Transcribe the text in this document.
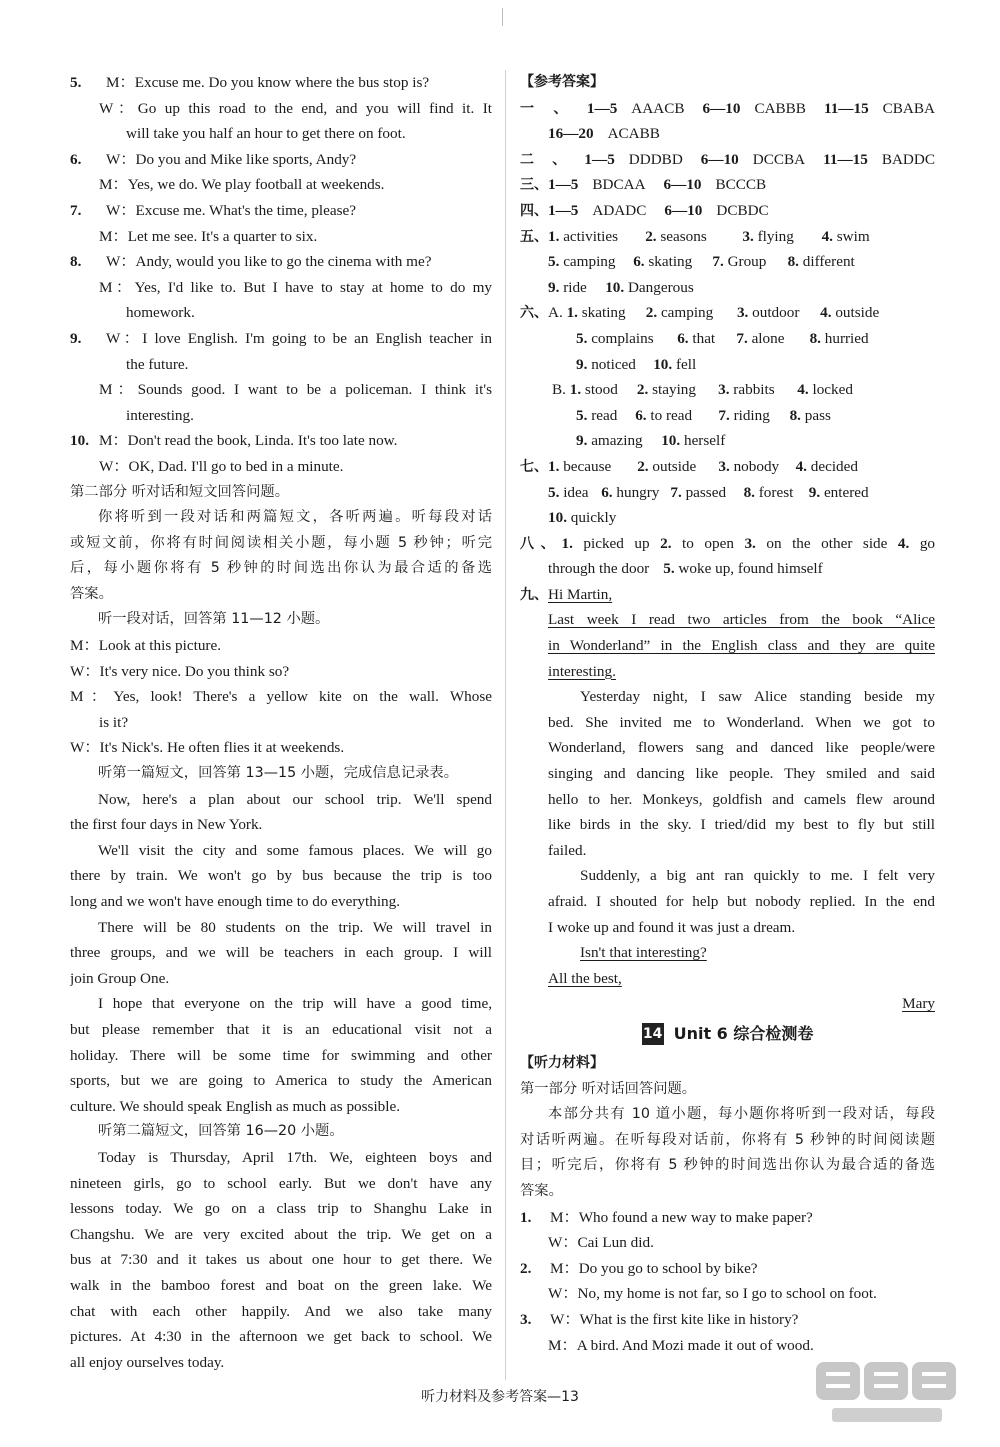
5. M：Excuse me. Do you know where the bus stop is?
W：Go up this road to the end, and you will find it. It
will take you half an hour to get there on foot.
6. W：Do you and Mike like sports, Andy?
M：Yes, we do. We play football at weekends.
7. W：Excuse me. What's the time, please?
M：Let me see. It's a quarter to six.
8. W：Andy, would you like to go the cinema with me?
M：Yes, I'd like to. But I have to stay at home to do my
homework.
9. W：I love English. I'm going to be an English teacher in
the future.
M：Sounds good. I want to be a policeman. I think it's
interesting.
10. M：Don't read the book, Linda. It's too late now.
W：OK, Dad. I'll go to bed in a minute.
第二部分 听对话和短文回答问题。
你将听到一段对话和两篇短文，各听两遍。听每段对话
或短文前，你将有时间阅读相关小题，每小题 5 秒钟；听完
后，每小题你将有 5 秒钟的时间选出你认为最合适的备选
答案。
听一段对话，回答第 11—12 小题。
M：Look at this picture.
W：It's very nice. Do you think so?
M：Yes, look! There's a yellow kite on the wall. Whose
is it?
W：It's Nick's. He often flies it at weekends.
听第一篇短文，回答第 13—15 小题，完成信息记录表。
Now, here's a plan about our school trip. We'll spend
the first four days in New York.
We'll visit the city and some famous places. We will go
there by train. We won't go by bus because the trip is too
long and we won't have enough time to do everything.
There will be 80 students on the trip. We will travel in
three groups, and we will be teachers in each group. I will
join Group One.
I hope that everyone on the trip will have a good time,
but please remember that it is an educational visit not a
holiday. There will be some time for swimming and other
sports, but we are going to America to study the American
culture. We should speak English as much as possible.
听第二篇短文，回答第 16—20 小题。
Today is Thursday, April 17th. We, eighteen boys and
nineteen girls, go to school early. But we don't have any
lessons today. We go on a class trip to Shanghu Lake in
Changshu. We are very excited about the trip. We get on a
bus at 7:30 and it takes us about one hour to get there. We
walk in the bamboo forest and boat on the green lake. We
chat with each other happily. And we also take many
pictures. At 4:30 in the afternoon we get back to school. We
all enjoy ourselves today.
【参考答案】
一、1—5 AAACB 6—10 CABBB 11—15 CBABA
16—20 ACABB
二、1—5 DDDBD 6—10 DCCBA 11—15 BADDC
三、1—5 BDCAA 6—10 BCCCB
四、1—5 ADADC 6—10 DCBDC
五、1. activities 2. seasons 3. flying 4. swim
5. camping 6. skating 7. Group 8. different
9. ride 10. Dangerous
六、A. 1. skating 2. camping 3. outdoor 4. outside
5. complains 6. that 7. alone 8. hurried
9. noticed 10. fell
B. 1. stood 2. staying 3. rabbits 4. locked
5. read 6. to read 7. riding 8. pass
9. amazing 10. herself
七、1. because 2. outside 3. nobody 4. decided
5. idea 6. hungry 7. passed 8. forest 9. entered
10. quickly
八、1. picked up 2. to open 3. on the other side 4. go
through the door 5. woke up, found himself
九、Hi Martin,
Last week I read two articles from the book “Alice
in Wonderland” in the English class and they are quite
interesting.
Yesterday night, I saw Alice standing beside my
bed. She invited me to Wonderland. When we got to
Wonderland, flowers sang and danced like people/were
singing and dancing like people. They smiled and said
hello to her. Monkeys, goldfish and camels flew around
like birds in the sky. I tried/did my best to fly but still
failed.
Suddenly, a big ant ran quickly to me. I felt very
afraid. I shouted for help but nobody replied. In the end
I woke up and found it was just a dream.
Isn't that interesting?
All the best,
Mary
14 Unit 6 综合检测卷
【听力材料】
第一部分 听对话回答问题。
本部分共有 10 道小题，每小题你将听到一段对话，每段
对话听两遍。在听每段对话前，你将有 5 秒钟的时间阅读题
目；听完后，你将有 5 秒钟的时间选出你认为最合适的备选
答案。
1. M：Who found a new way to make paper?
W：Cai Lun did.
2. M：Do you go to school by bike?
W：No, my home is not far, so I go to school on foot.
3. W：What is the first kite like in history?
M：A bird. And Mozi made it out of wood.
听力材料及参考答案—13
